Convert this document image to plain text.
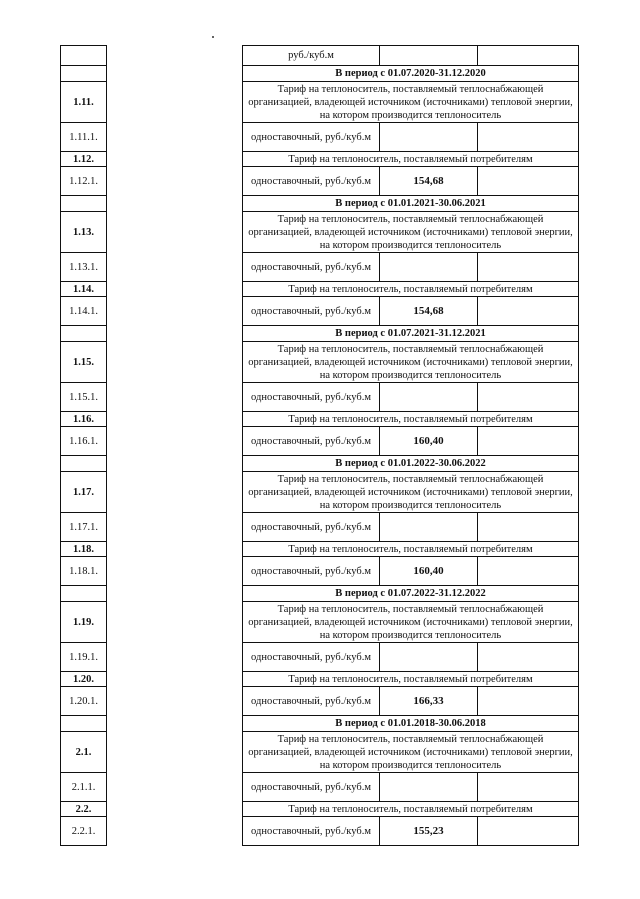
		руб./куб.м		
		В период с 01.07.2020-31.12.2020		
1.11.		Тариф на теплоноситель, поставляемый теплоснабжающей организацией, владеющей источником (источниками) тепловой энергии, на котором производится теплоноситель		
1.11.1.		одноставочный, руб./куб.м		
1.12.		Тариф на теплоноситель, поставляемый потребителям		
1.12.1.		одноставочный, руб./куб.м	154,68	
		В период с 01.01.2021-30.06.2021		
1.13.		Тариф на теплоноситель, поставляемый теплоснабжающей организацией, владеющей источником (источниками) тепловой энергии, на котором производится теплоноситель		
1.13.1.		одноставочный, руб./куб.м		
1.14.		Тариф на теплоноситель, поставляемый потребителям		
1.14.1.		одноставочный, руб./куб.м	154,68	
		В период с 01.07.2021-31.12.2021		
1.15.		Тариф на теплоноситель, поставляемый теплоснабжающей организацией, владеющей источником (источниками) тепловой энергии, на котором производится теплоноситель		
1.15.1.		одноставочный, руб./куб.м		
1.16.		Тариф на теплоноситель, поставляемый потребителям		
1.16.1.		одноставочный, руб./куб.м	160,40	
		В период с 01.01.2022-30.06.2022		
1.17.		Тариф на теплоноситель, поставляемый теплоснабжающей организацией, владеющей источником (источниками) тепловой энергии, на котором производится теплоноситель		
1.17.1.		одноставочный, руб./куб.м		
1.18.		Тариф на теплоноситель, поставляемый потребителям		
1.18.1.		одноставочный, руб./куб.м	160,40	
		В период с 01.07.2022-31.12.2022		
1.19.		Тариф на теплоноситель, поставляемый теплоснабжающей организацией, владеющей источником (источниками) тепловой энергии, на котором производится теплоноситель		
1.19.1.		одноставочный, руб./куб.м		
1.20.		Тариф на теплоноситель, поставляемый потребителям		
1.20.1.		одноставочный, руб./куб.м	166,33	
		В период с 01.01.2018-30.06.2018		
2.1.		Тариф на теплоноситель, поставляемый теплоснабжающей организацией, владеющей источником (источниками) тепловой энергии, на котором производится теплоноситель		
2.1.1.		одноставочный, руб./куб.м		
2.2.		Тариф на теплоноситель, поставляемый потребителям		
2.2.1.		одноставочный, руб./куб.м	155,23	
